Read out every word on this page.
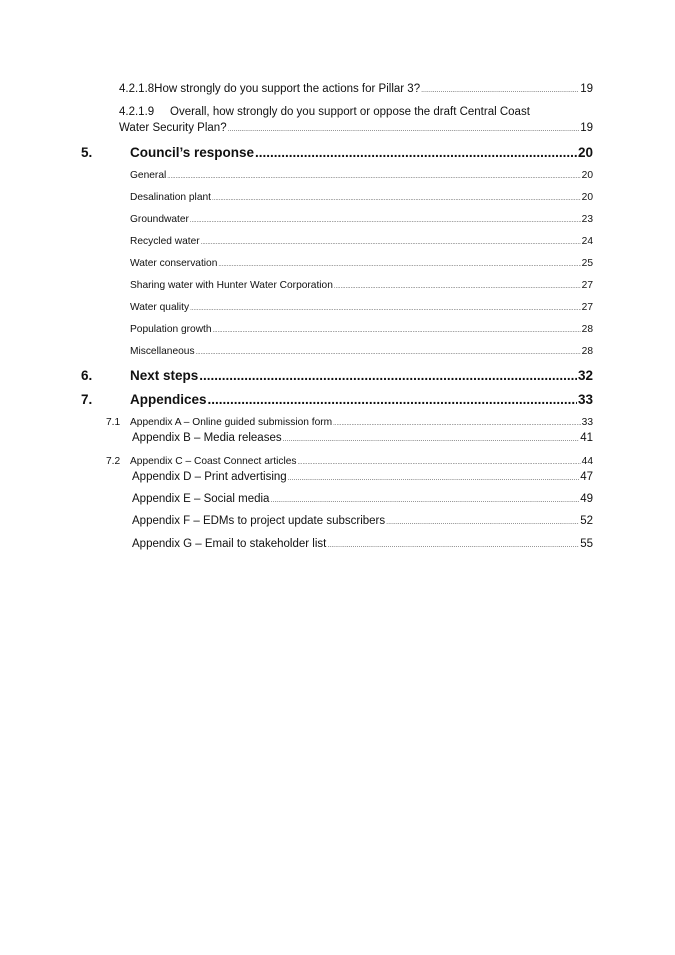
4.2.1.8 How strongly do you support the actions for Pillar 3? .....	19
4.2.1.9 Overall, how strongly do you support or oppose the draft Central Coast
Water Security Plan? .....	19
5.	Council’s response .....	20
General .....	20
Desalination plant .....	20
Groundwater .....	23
Recycled water .....	24
Water conservation .....	25
Sharing water with Hunter Water Corporation .....	27
Water quality .....	27
Population growth .....	28
Miscellaneous .....	28
6.	Next steps .....	32
7.	Appendices .....	33
7.1 Appendix A – Online guided submission form .....	33
Appendix B – Media releases .....	41
7.2 Appendix C – Coast Connect articles .....	44
Appendix D – Print advertising .....	47
Appendix E – Social media .....	49
Appendix F – EDMs to project update subscribers .....	52
Appendix G – Email to stakeholder list .....	55
